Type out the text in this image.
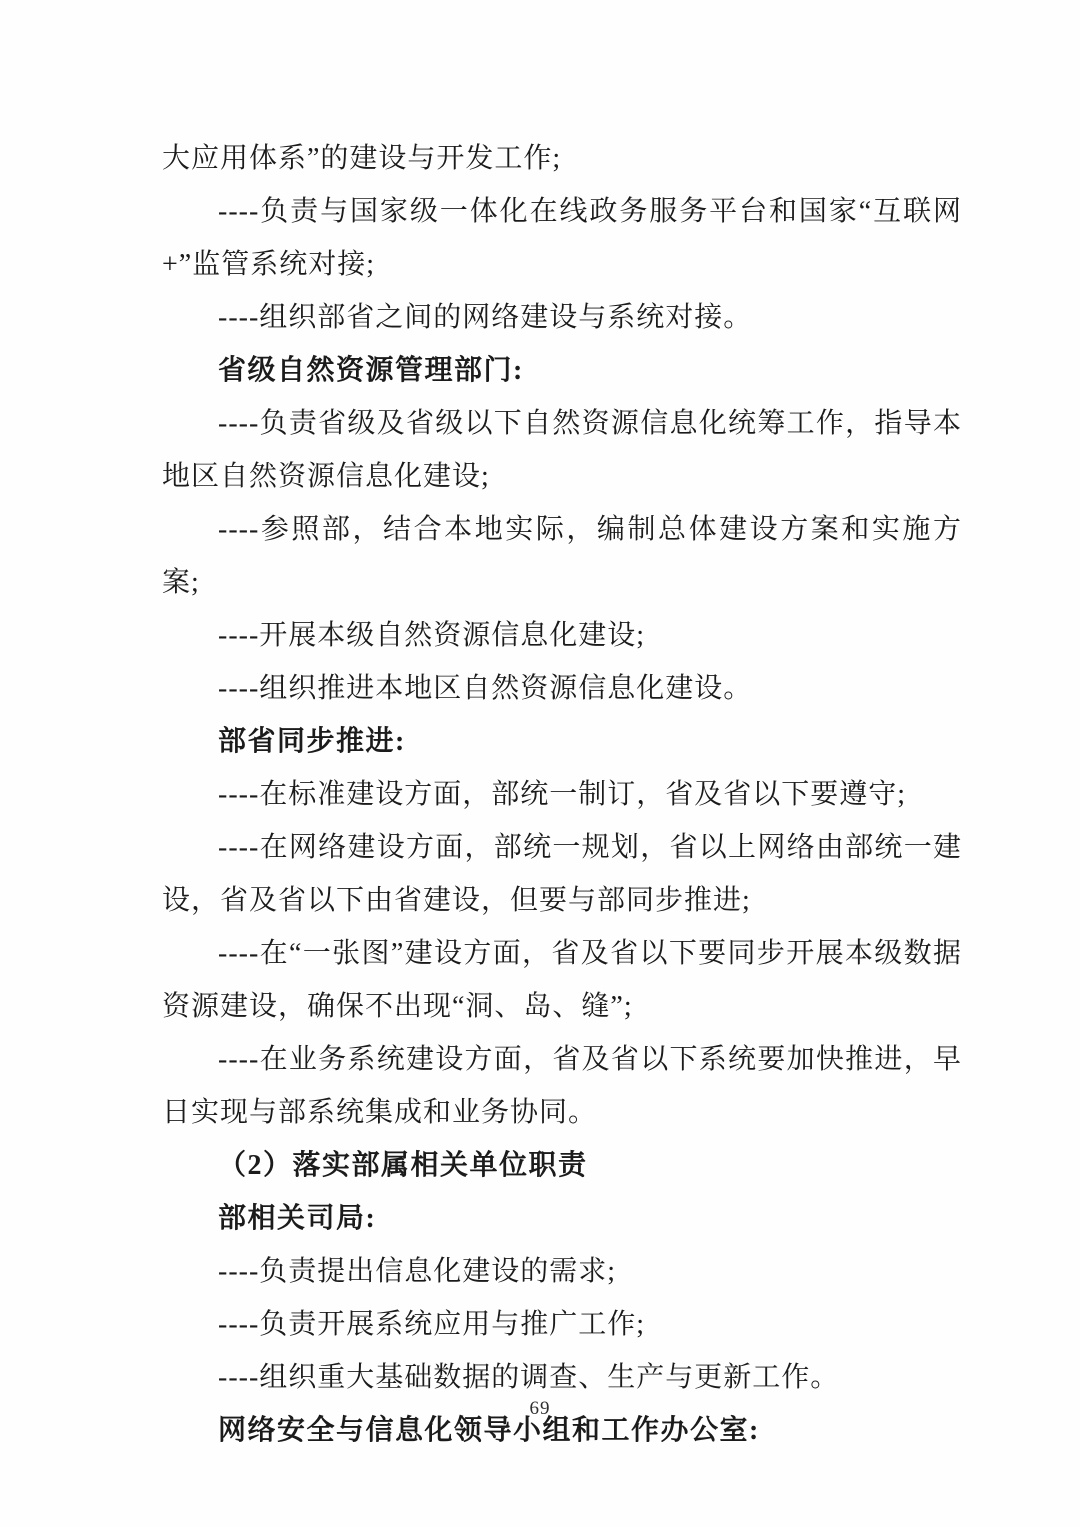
大应用体系”的建设与开发工作;

----负责与国家级一体化在线政务服务平台和国家“互联网+”监管系统对接;

----组织部省之间的网络建设与系统对接。

省级自然资源管理部门:

----负责省级及省级以下自然资源信息化统筹工作，指导本地区自然资源信息化建设;

----参照部，结合本地实际，编制总体建设方案和实施方案;

----开展本级自然资源信息化建设;

----组织推进本地区自然资源信息化建设。

部省同步推进:

----在标准建设方面，部统一制订，省及省以下要遵守;

----在网络建设方面，部统一规划，省以上网络由部统一建设，省及省以下由省建设，但要与部同步推进;

----在“一张图”建设方面，省及省以下要同步开展本级数据资源建设，确保不出现“洞、岛、缝”;

----在业务系统建设方面，省及省以下系统要加快推进，早日实现与部系统集成和业务协同。

（2）落实部属相关单位职责
部相关司局:

----负责提出信息化建设的需求;

----负责开展系统应用与推广工作;

----组织重大基础数据的调查、生产与更新工作。

网络安全与信息化领导小组和工作办公室:
69
